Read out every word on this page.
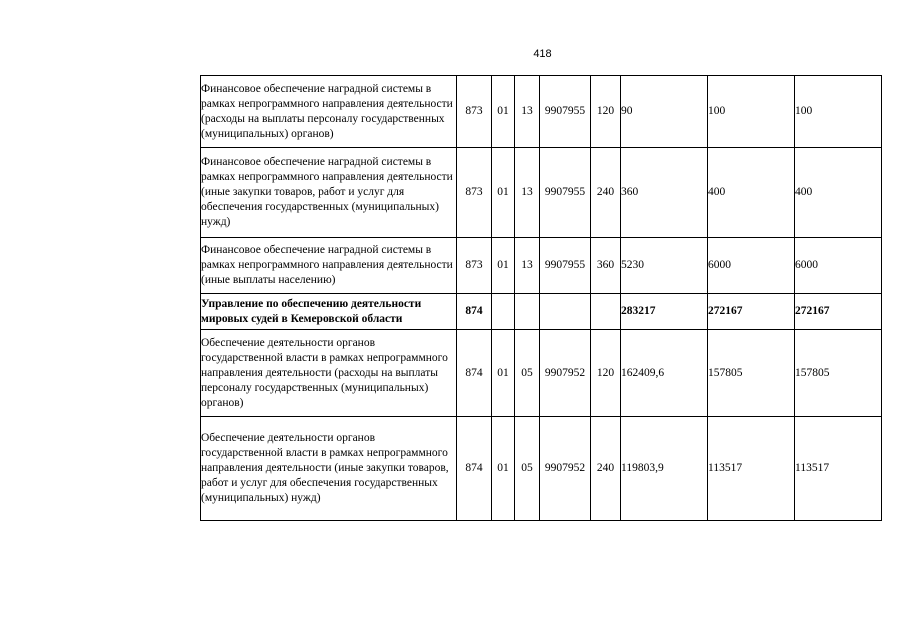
418
Финансовое обеспечение наградной системы в рамках непрограммного направления деятельности (расходы на выплаты персоналу государственных (муниципальных) органов)	873	01	13	9907955	120	90	100	100
Финансовое обеспечение наградной системы в рамках непрограммного направления деятельности (иные закупки товаров, работ и услуг для обеспечения государственных (муниципальных) нужд)	873	01	13	9907955	240	360	400	400
Финансовое обеспечение наградной системы в рамках непрограммного направления деятельности (иные выплаты населению)	873	01	13	9907955	360	5230	6000	6000
Управление по обеспечению деятельности мировых судей в Кемеровской области	874					283217	272167	272167
Обеспечение деятельности органов государственной власти в рамках непрограммного направления деятельности (расходы на выплаты персоналу государственных (муниципальных) органов)	874	01	05	9907952	120	162409,6	157805	157805
Обеспечение деятельности органов государственной власти в рамках непрограммного направления деятельности (иные закупки товаров, работ и услуг для обеспечения государственных (муниципальных) нужд)	874	01	05	9907952	240	119803,9	113517	113517
